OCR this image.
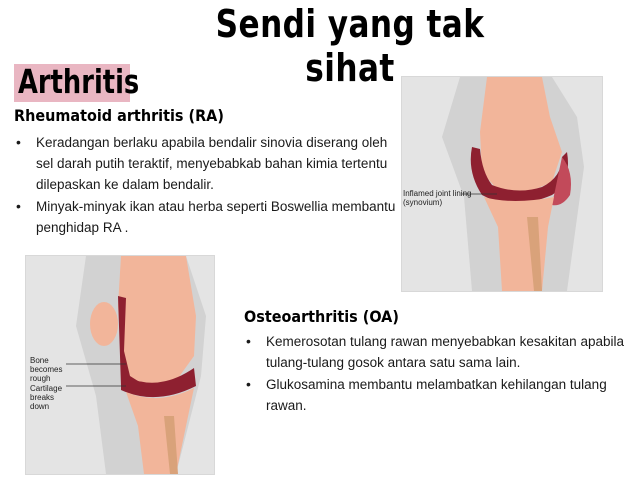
Sendi yang tak sihat
Arthritis
Rheumatoid arthritis (RA)
• Keradangan berlaku apabila bendalir sinovia diserang oleh sel darah putih teraktif, menyebabkab bahan kimia tertentu dilepaskan ke dalam bendalir.
• Minyak-minyak ikan atau herba seperti Boswellia membantu penghidap RA .
Inflamed joint lining (synovium)
Bone becomes rough
Cartilage breaks down
Osteoarthritis (OA)
• Kemerosotan tulang rawan menyebabkan kesakitan apabila tulang-tulang gosok antara satu sama lain.
• Glukosamina membantu melambatkan kehilangan tulang rawan.
